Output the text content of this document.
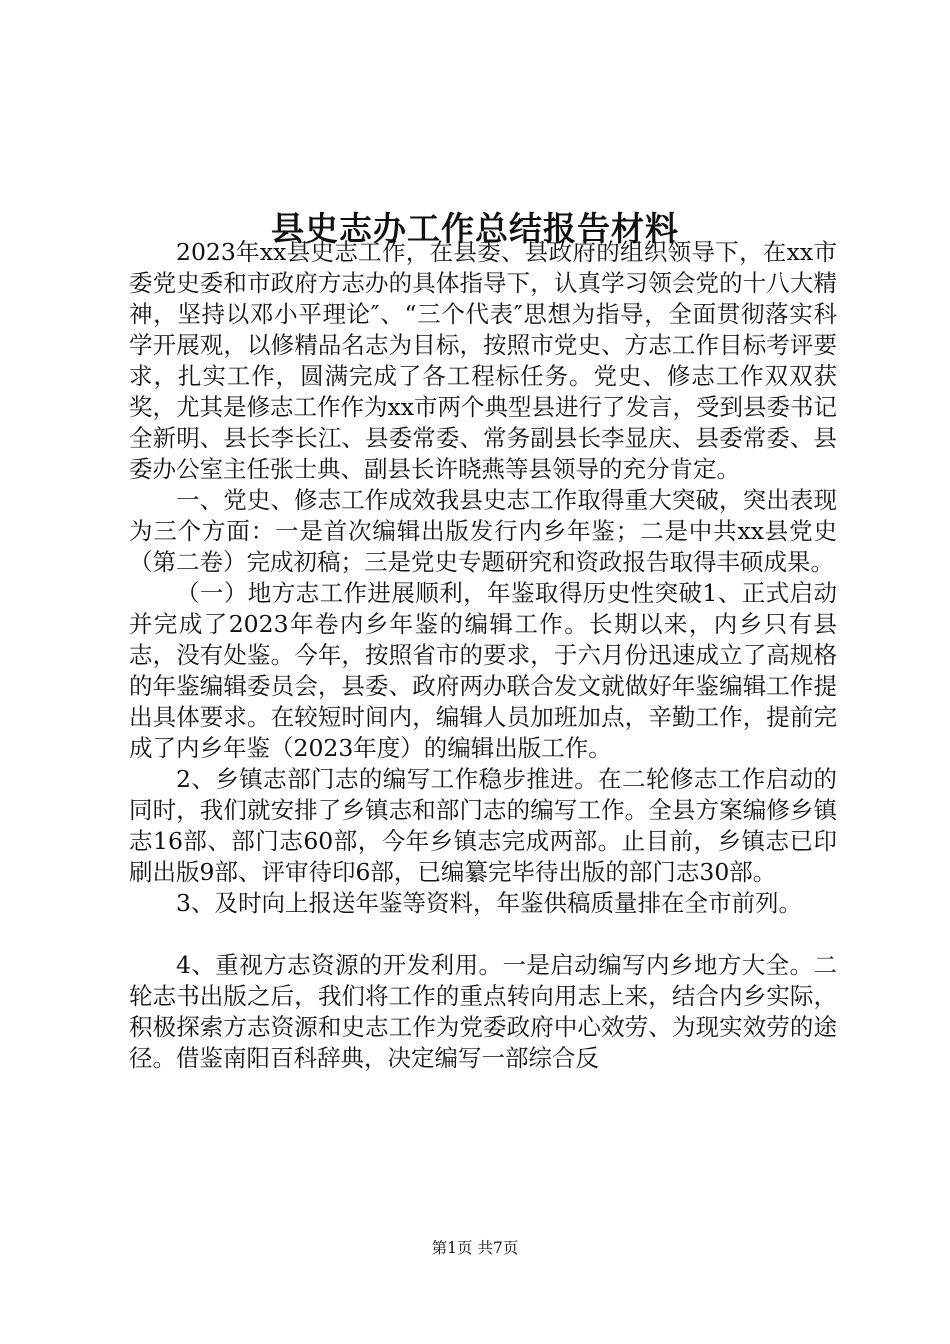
县史志办工作总结报告材料

2023年xx县史志工作，在县委、县政府的组织领导下，在xx市委党史委和市政府方志办的具体指导下，认真学习领会党的十八大精神，坚持以邓小平理论″、“三个代表″思想为指导，全面贯彻落实科学开展观，以修精品名志为目标，按照市党史、方志工作目标考评要求，扎实工作，圆满完成了各工程标任务。党史、修志工作双双获奖，尤其是修志工作作为xx市两个典型县进行了发言，受到县委书记全新明、县长李长江、县委常委、常务副县长李显庆、县委常委、县委办公室主任张士典、副县长许晓燕等县领导的充分肯定。

一、党史、修志工作成效我县史志工作取得重大突破，突出表现为三个方面：一是首次编辑出版发行内乡年鉴；二是中共xx县党史（第二卷）完成初稿；三是党史专题研究和资政报告取得丰硕成果。

（一）地方志工作进展顺利，年鉴取得历史性突破1、正式启动并完成了2023年卷内乡年鉴的编辑工作。长期以来，内乡只有县志，没有处鉴。今年，按照省市的要求，于六月份迅速成立了高规格的年鉴编辑委员会，县委、政府两办联合发文就做好年鉴编辑工作提出具体要求。在较短时间内，编辑人员加班加点，辛勤工作，提前完成了内乡年鉴（2023年度）的编辑出版工作。

2、乡镇志部门志的编写工作稳步推进。在二轮修志工作启动的同时，我们就安排了乡镇志和部门志的编写工作。全县方案编修乡镇志16部、部门志60部，今年乡镇志完成两部。止目前，乡镇志已印刷出版9部、评审待印6部，已编纂完毕待出版的部门志30部。

3、及时向上报送年鉴等资料，年鉴供稿质量排在全市前列。

4、重视方志资源的开发利用。一是启动编写内乡地方大全。二轮志书出版之后，我们将工作的重点转向用志上来，结合内乡实际，积极探索方志资源和史志工作为党委政府中心效劳、为现实效劳的途径。借鉴南阳百科辞典，决定编写一部综合反

第1页 共7页
